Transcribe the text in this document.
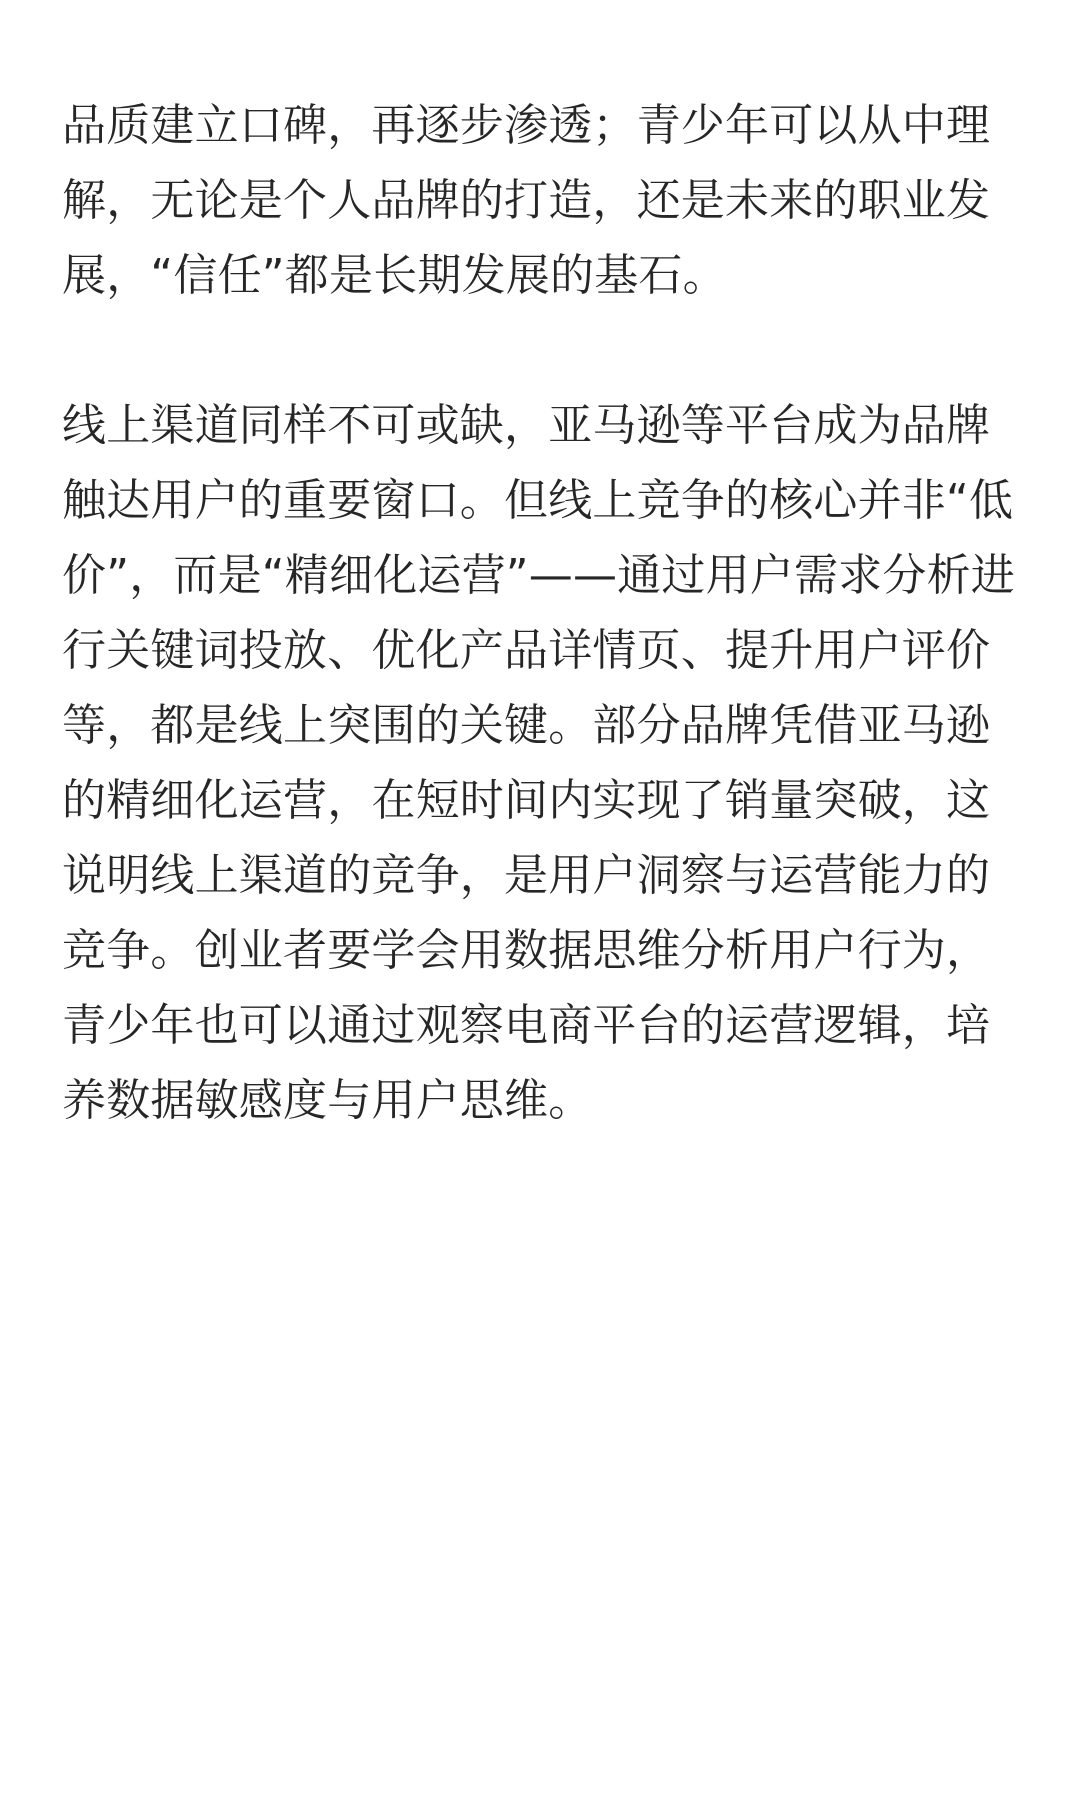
品质建立口碑，再逐步渗透；青少年可以从中理解，无论是个人品牌的打造，还是未来的职业发展，“信任”都是长期发展的基石。

线上渠道同样不可或缺，亚马逊等平台成为品牌触达用户的重要窗口。但线上竞争的核心并非“低价”，而是“精细化运营”——通过用户需求分析进行关键词投放、优化产品详情页、提升用户评价等，都是线上突围的关键。部分品牌凭借亚马逊的精细化运营，在短时间内实现了销量突破，这说明线上渠道的竞争，是用户洞察与运营能力的竞争。创业者要学会用数据思维分析用户行为，青少年也可以通过观察电商平台的运营逻辑，培养数据敏感度与用户思维。
